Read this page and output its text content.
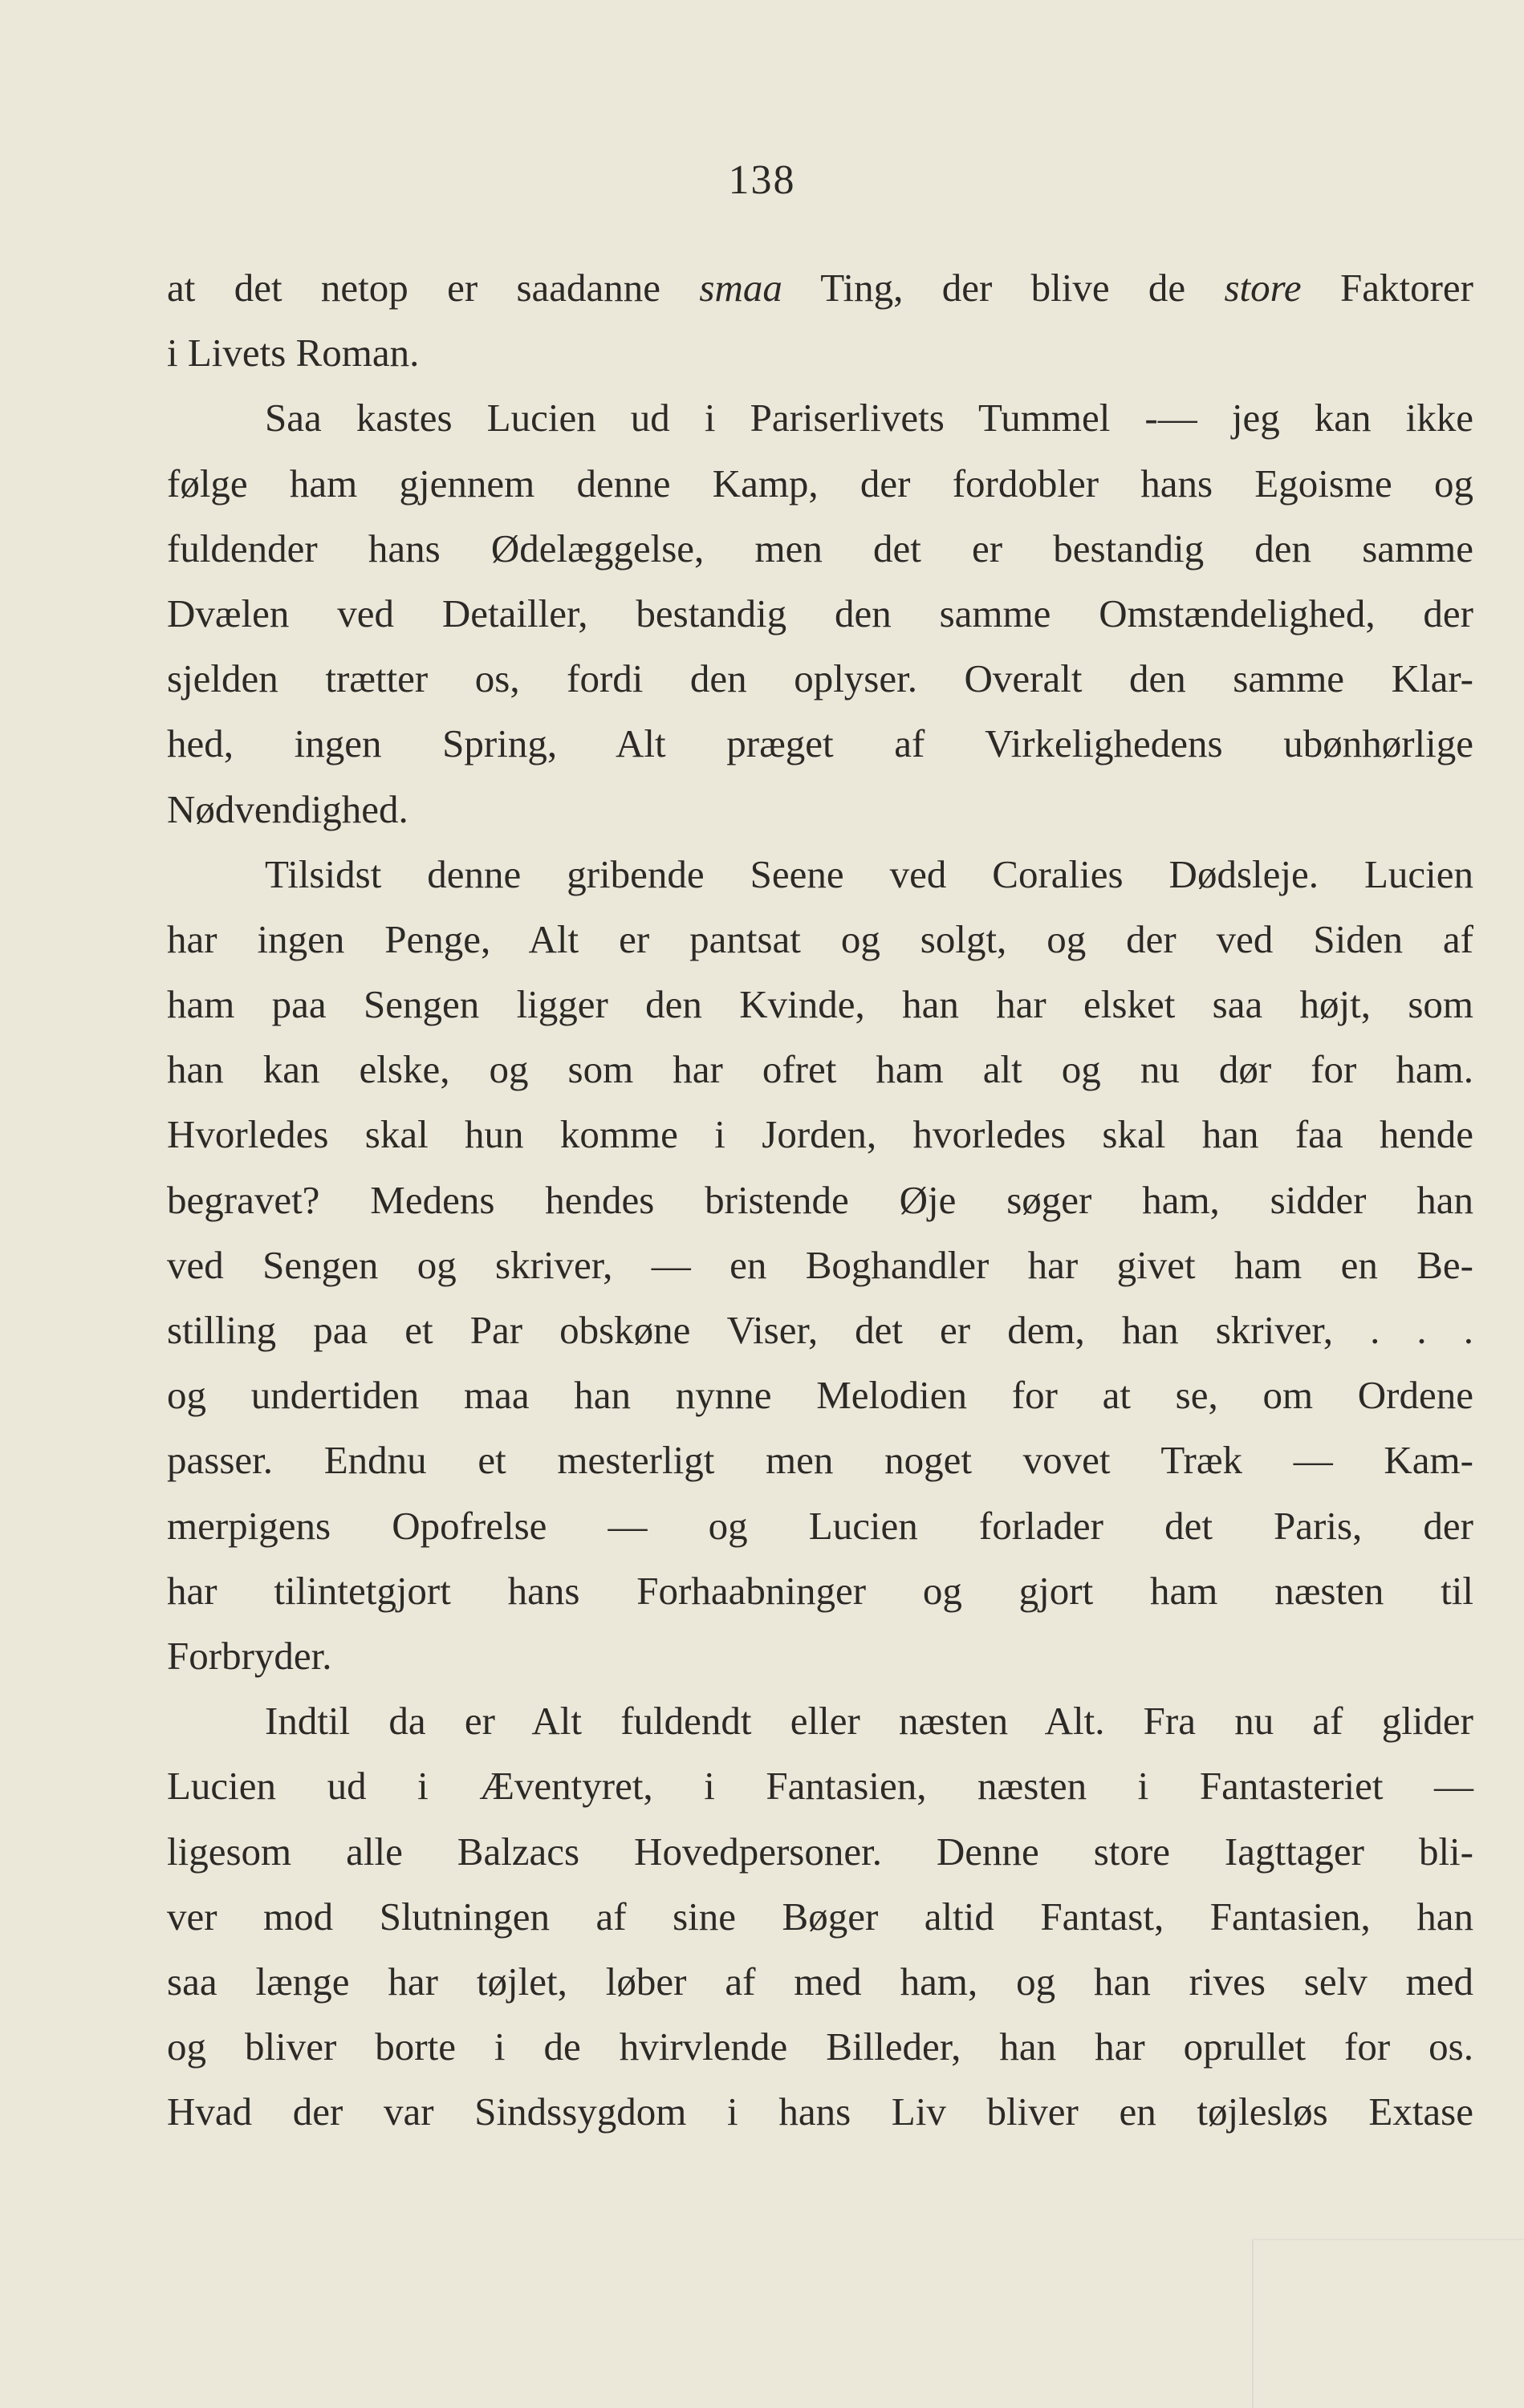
138
at det netop er saadanne smaa Ting, der blive de store Faktorer
i Livets Roman.
Saa kastes Lucien ud i Pariserlivets Tummel -— jeg kan ikke
følge ham gjennem denne Kamp, der fordobler hans Egoisme og
fuldender hans Ødelæggelse, men det er bestandig den samme
Dvælen ved Detailler, bestandig den samme Omstændelighed, der
sjelden trætter os, fordi den oplyser. Overalt den samme Klar-
hed, ingen Spring, Alt præget af Virkelighedens ubønhørlige
Nødvendighed.
Tilsidst denne gribende Seene ved Coralies Dødsleje. Lucien
har ingen Penge, Alt er pantsat og solgt, og der ved Siden af
ham paa Sengen ligger den Kvinde, han har elsket saa højt, som
han kan elske, og som har ofret ham alt og nu dør for ham.
Hvorledes skal hun komme i Jorden, hvorledes skal han faa hende
begravet? Medens hendes bristende Øje søger ham, sidder han
ved Sengen og skriver, — en Boghandler har givet ham en Be-
stilling paa et Par obskøne Viser, det er dem, han skriver, . . .
og undertiden maa han nynne Melodien for at se, om Ordene
passer. Endnu et mesterligt men noget vovet Træk — Kam-
merpigens Opofrelse — og Lucien forlader det Paris, der
har tilintetgjort hans Forhaabninger og gjort ham næsten til
Forbryder.
Indtil da er Alt fuldendt eller næsten Alt. Fra nu af glider
Lucien ud i Æventyret, i Fantasien, næsten i Fantasteriet —
ligesom alle Balzacs Hovedpersoner. Denne store Iagttager bli-
ver mod Slutningen af sine Bøger altid Fantast, Fantasien, han
saa længe har tøjlet, løber af med ham, og han rives selv med
og bliver borte i de hvirvlende Billeder, han har oprullet for os.
Hvad der var Sindssygdom i hans Liv bliver en tøjlesløs Extase
